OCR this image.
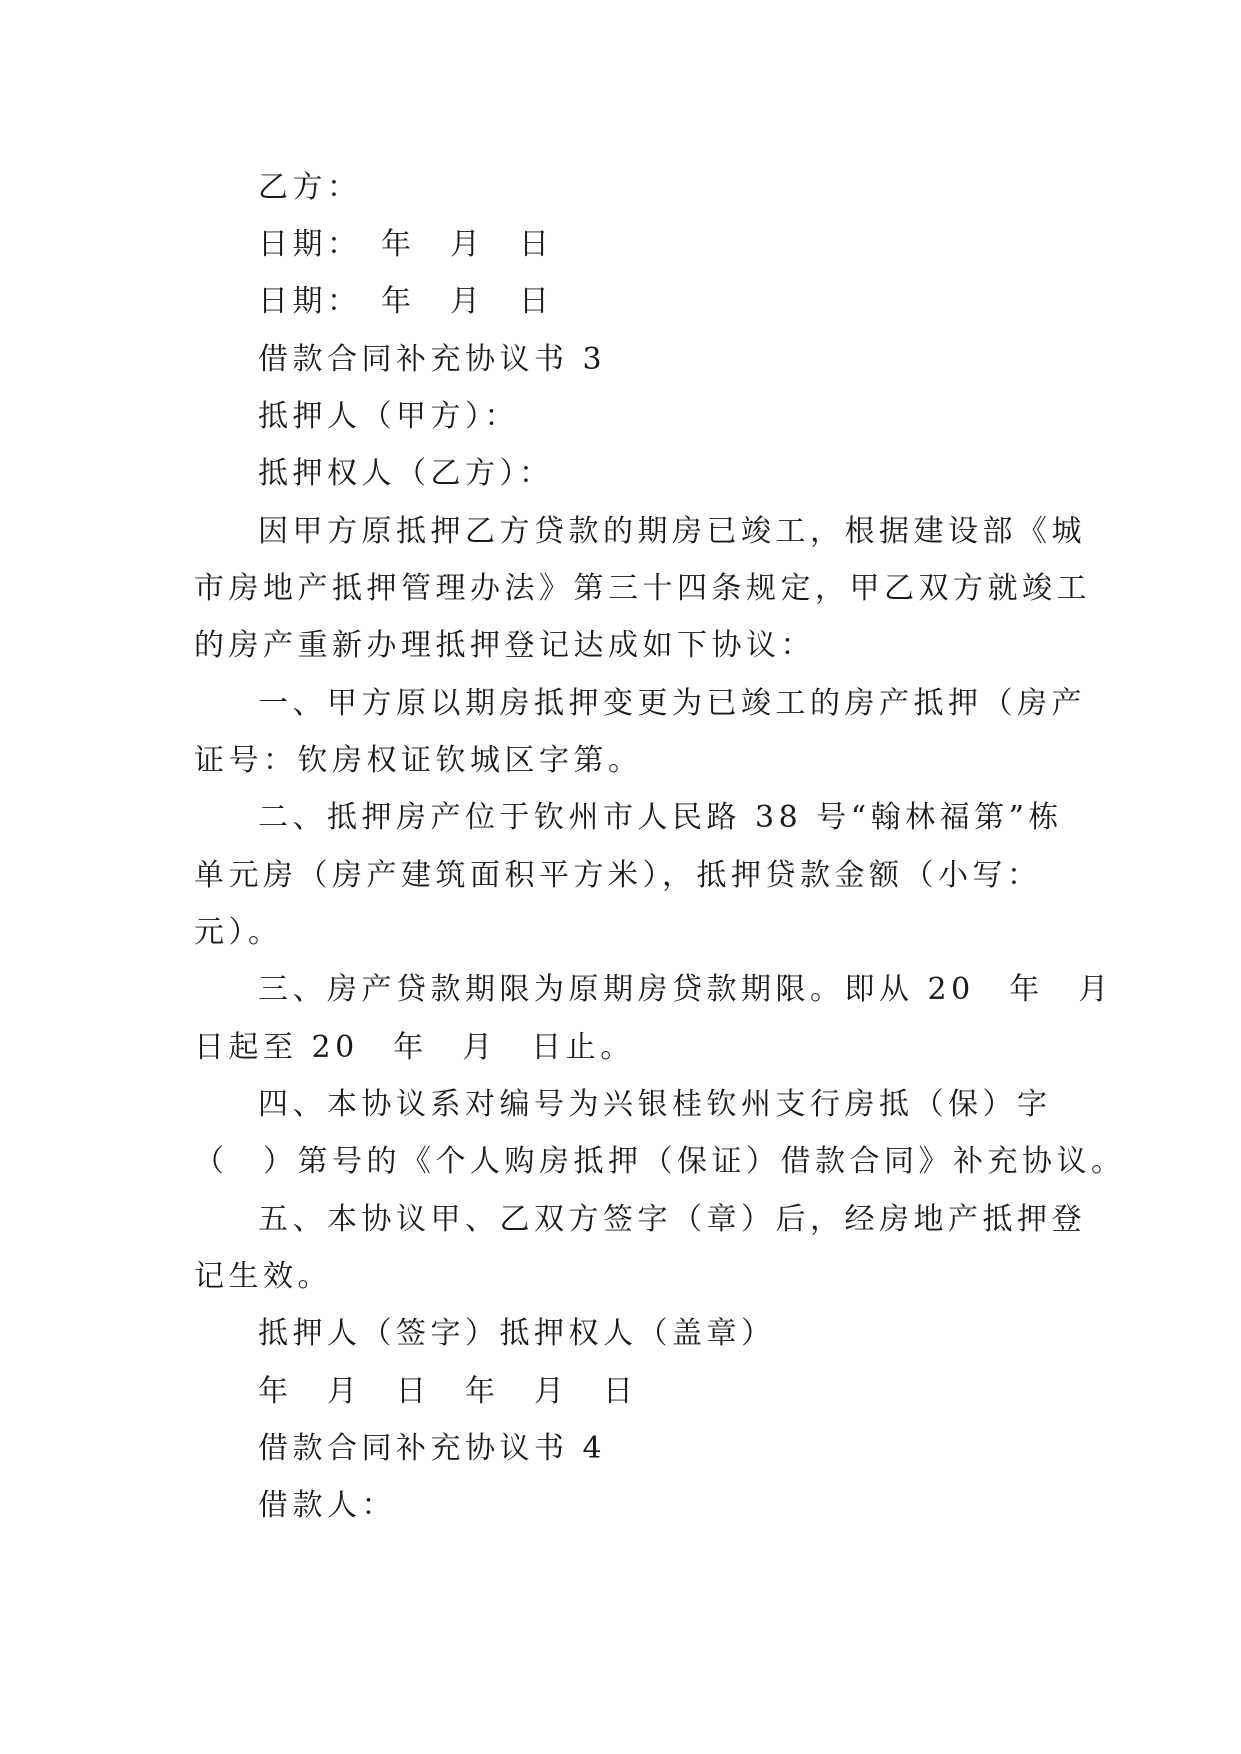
乙方：
日期：　年　月　日
日期：　年　月　日
借款合同补充协议书 3
抵押人（甲方）：
抵押权人（乙方）：
因甲方原抵押乙方贷款的期房已竣工，根据建设部《城
市房地产抵押管理办法》第三十四条规定，甲乙双方就竣工
的房产重新办理抵押登记达成如下协议：
一、甲方原以期房抵押变更为已竣工的房产抵押（房产
证号：钦房权证钦城区字第。
二、抵押房产位于钦州市人民路 38 号“翰林福第”栋
单元房（房产建筑面积平方米），抵押贷款金额（小写：
元）。
三、房产贷款期限为原期房贷款期限。即从 20　年　月
日起至 20　年　月　日止。
四、本协议系对编号为兴银桂钦州支行房抵（保）字
（　）第号的《个人购房抵押（保证）借款合同》补充协议。
五、本协议甲、乙双方签字（章）后，经房地产抵押登
记生效。
抵押人（签字）抵押权人（盖章）
年　月　日　年　月　日
借款合同补充协议书 4
借款人：
